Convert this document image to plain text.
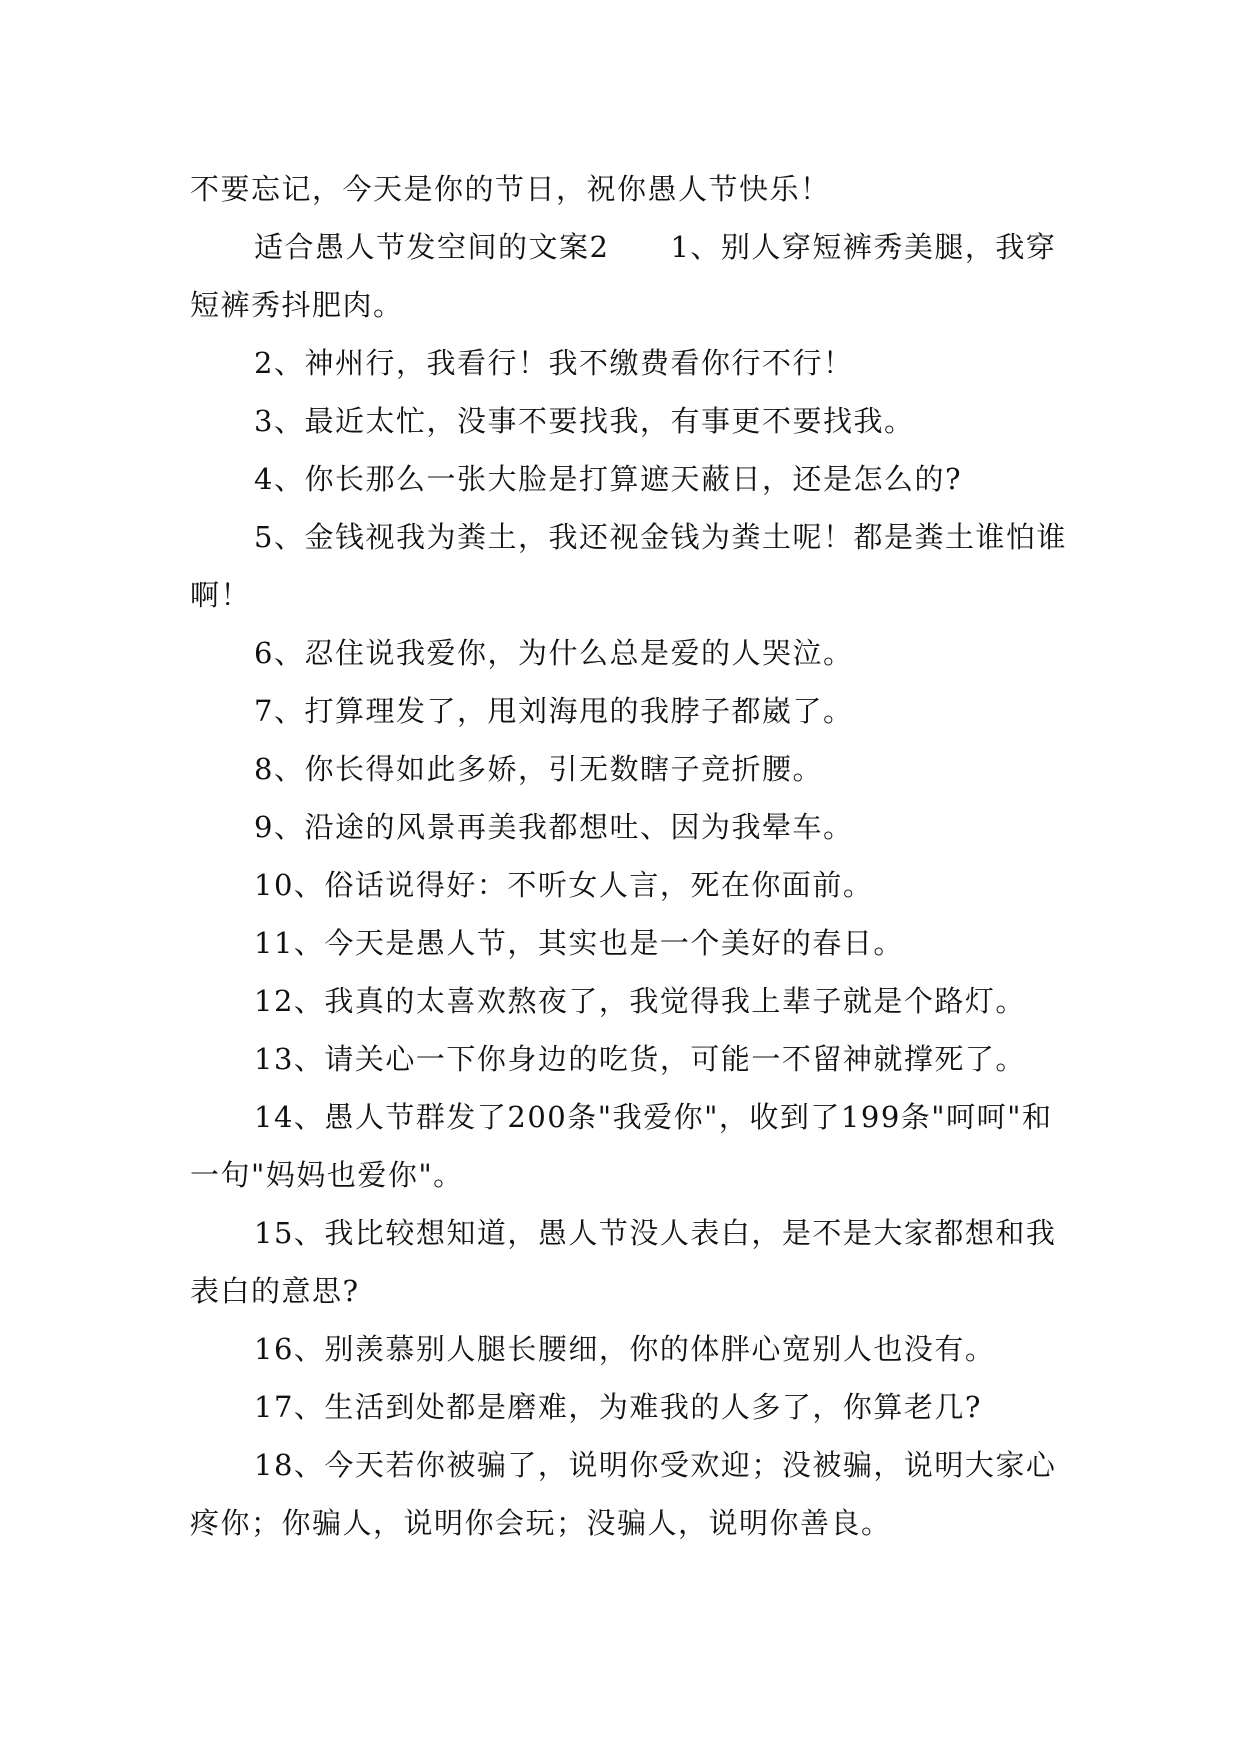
不要忘记，今天是你的节日，祝你愚人节快乐！

适合愚人节发空间的文案2　　1、别人穿短裤秀美腿，我穿短裤秀抖肥肉。

2、神州行，我看行！我不缴费看你行不行！

3、最近太忙，没事不要找我，有事更不要找我。

4、你长那么一张大脸是打算遮天蔽日，还是怎么的?

5、金钱视我为粪土，我还视金钱为粪土呢！都是粪土谁怕谁啊！

6、忍住说我爱你，为什么总是爱的人哭泣。

7、打算理发了，甩刘海甩的我脖子都崴了。

8、你长得如此多娇，引无数瞎子竞折腰。

9、沿途的风景再美我都想吐、因为我晕车。

10、俗话说得好：不听女人言，死在你面前。

11、今天是愚人节，其实也是一个美好的春日。

12、我真的太喜欢熬夜了，我觉得我上辈子就是个路灯。

13、请关心一下你身边的吃货，可能一不留神就撑死了。

14、愚人节群发了200条"我爱你"，收到了199条"呵呵"和一句"妈妈也爱你"。

15、我比较想知道，愚人节没人表白，是不是大家都想和我表白的意思?

16、别羡慕别人腿长腰细，你的体胖心宽别人也没有。

17、生活到处都是磨难，为难我的人多了，你算老几?

18、今天若你被骗了，说明你受欢迎；没被骗，说明大家心疼你；你骗人，说明你会玩；没骗人，说明你善良。
